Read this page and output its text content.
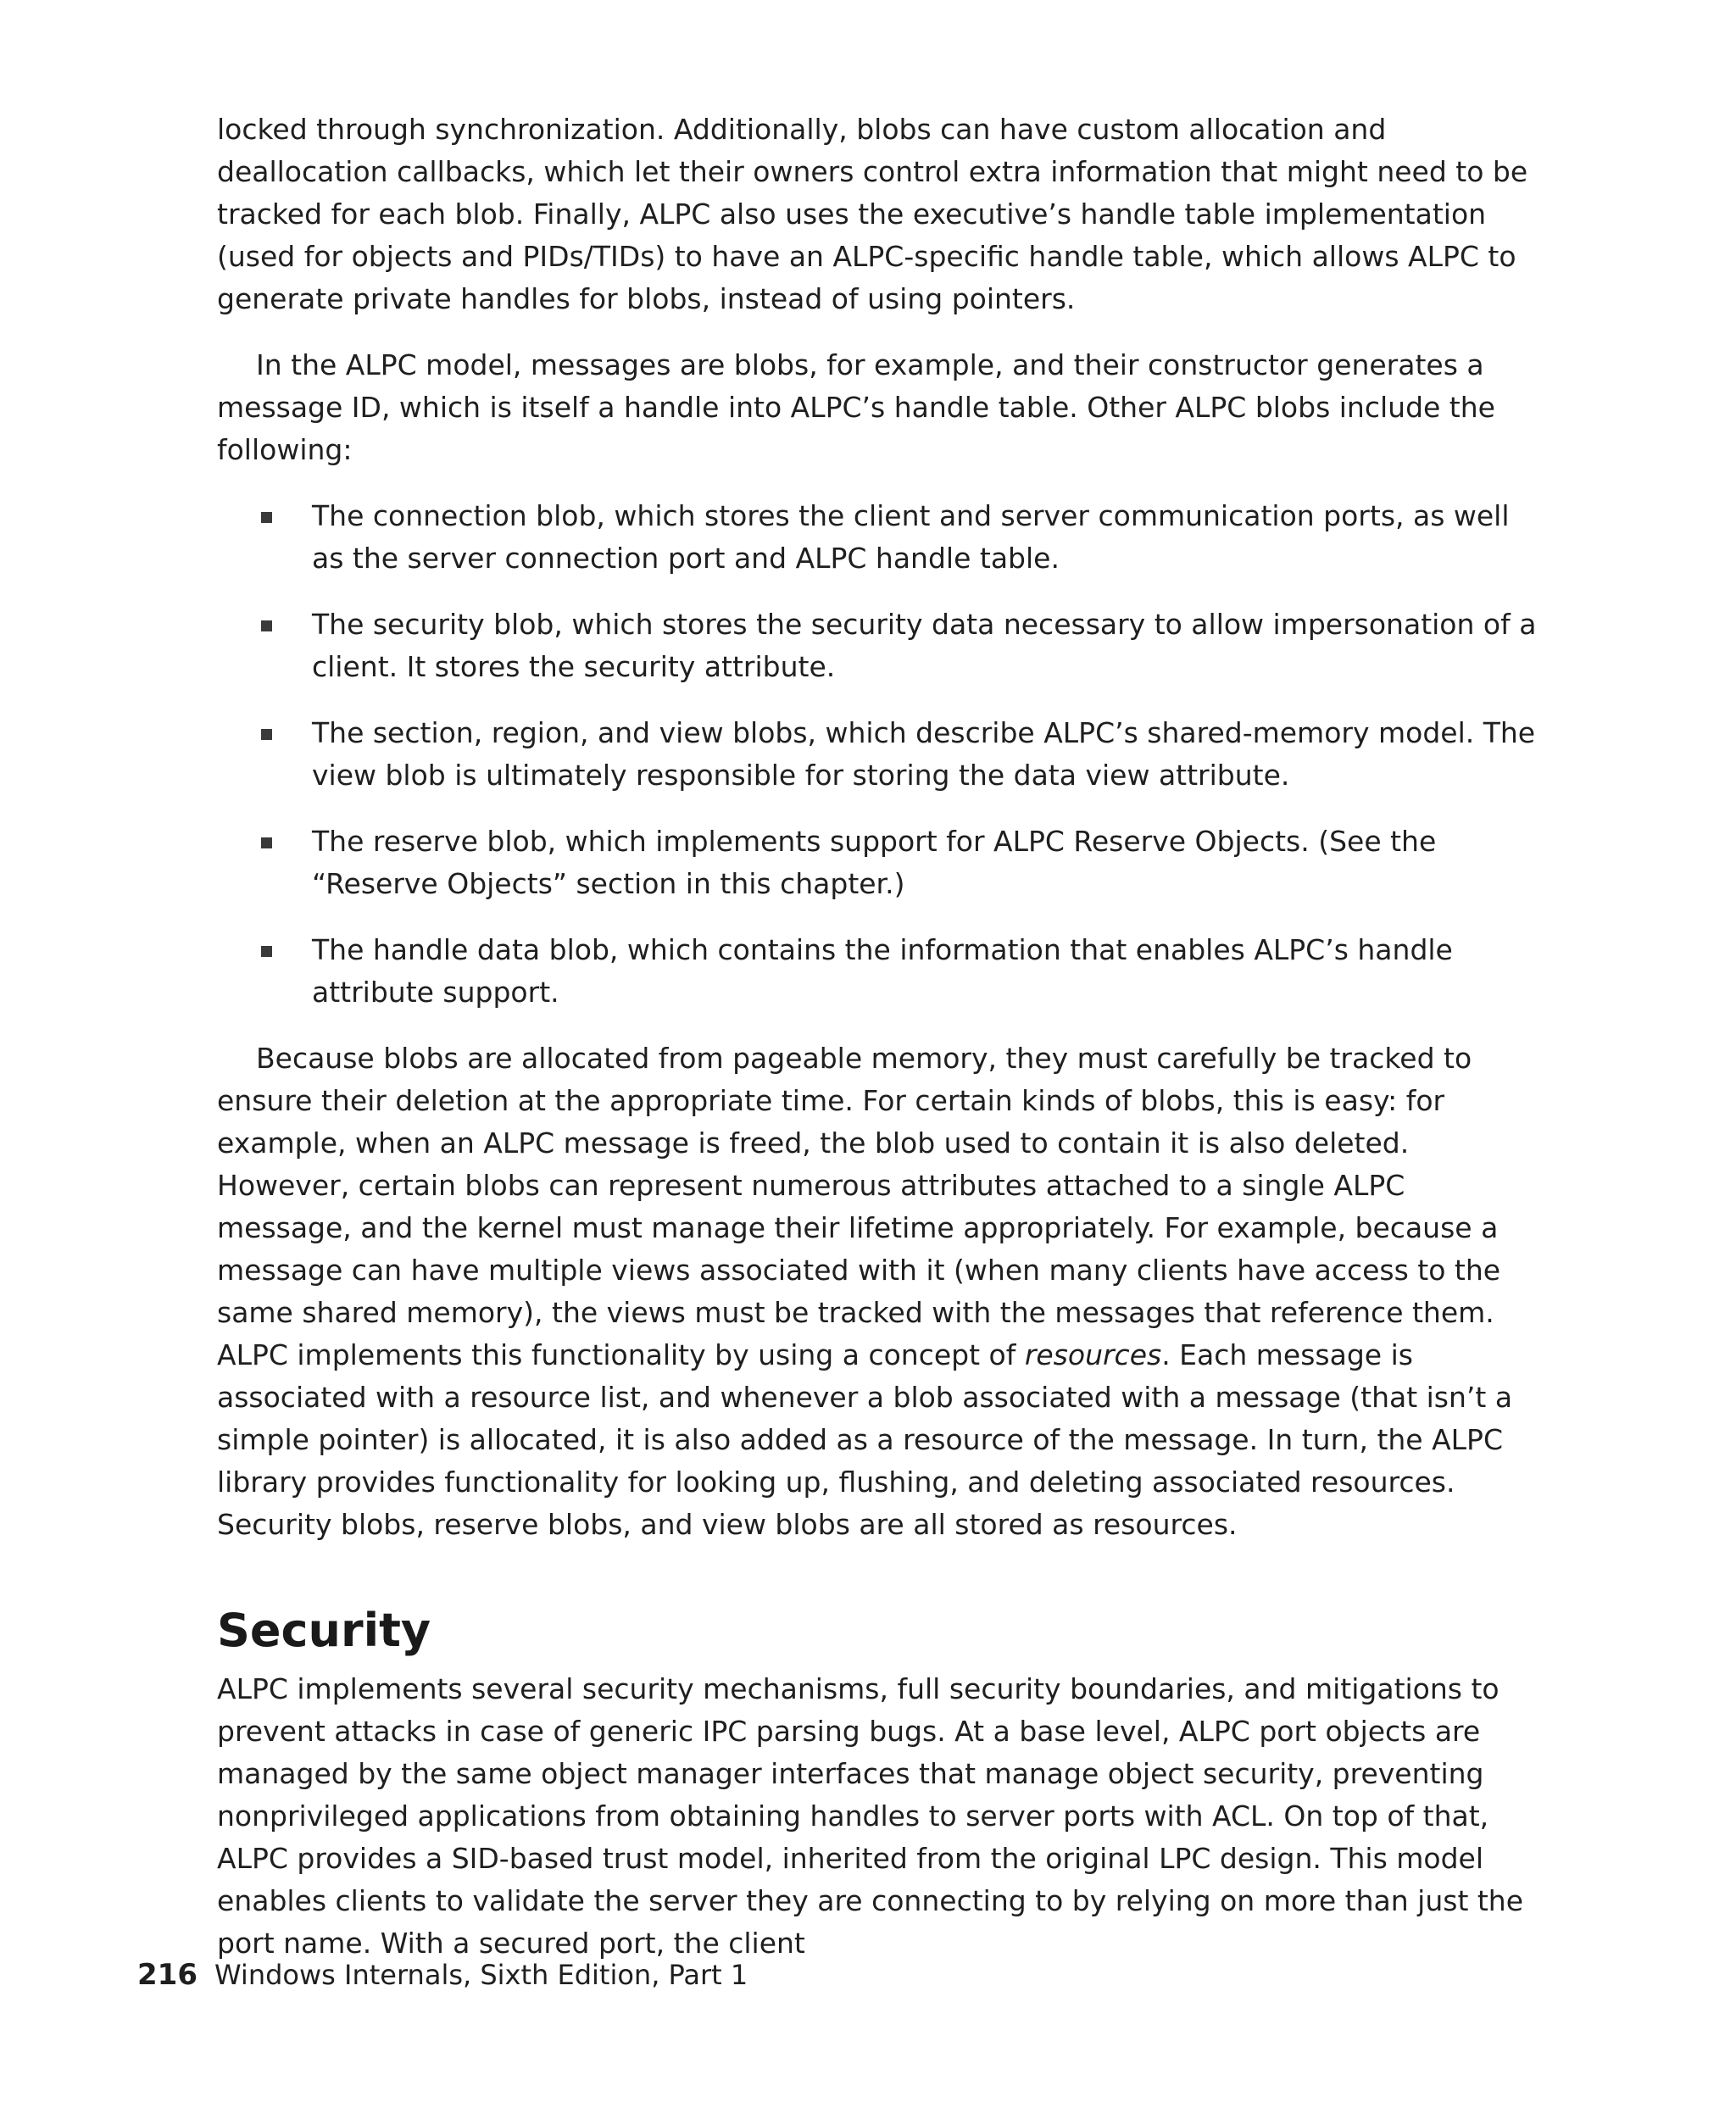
locked through synchronization. Additionally, blobs can have custom allocation and deallocation callbacks, which let their owners control extra information that might need to be tracked for each blob. Finally, ALPC also uses the executive’s handle table implementation (used for objects and PIDs/TIDs) to have an ALPC-specific handle table, which allows ALPC to generate private handles for blobs, instead of using pointers.

In the ALPC model, messages are blobs, for example, and their constructor generates a message ID, which is itself a handle into ALPC’s handle table. Other ALPC blobs include the following:

The connection blob, which stores the client and server communication ports, as well as the server connection port and ALPC handle table.
The security blob, which stores the security data necessary to allow impersonation of a client. It stores the security attribute.
The section, region, and view blobs, which describe ALPC’s shared-memory model. The view blob is ultimately responsible for storing the data view attribute.
The reserve blob, which implements support for ALPC Reserve Objects. (See the “Reserve Objects” section in this chapter.)
The handle data blob, which contains the information that enables ALPC’s handle attribute support.

Because blobs are allocated from pageable memory, they must carefully be tracked to ensure their deletion at the appropriate time. For certain kinds of blobs, this is easy: for example, when an ALPC message is freed, the blob used to contain it is also deleted. However, certain blobs can represent numerous attributes attached to a single ALPC message, and the kernel must manage their lifetime appropriately. For example, because a message can have multiple views associated with it (when many clients have access to the same shared memory), the views must be tracked with the messages that reference them. ALPC implements this functionality by using a concept of resources. Each message is associated with a resource list, and whenever a blob associated with a message (that isn’t a simple pointer) is allocated, it is also added as a resource of the message. In turn, the ALPC library provides functionality for looking up, flushing, and deleting associated resources. Security blobs, reserve blobs, and view blobs are all stored as resources.

Security

ALPC implements several security mechanisms, full security boundaries, and mitigations to prevent attacks in case of generic IPC parsing bugs. At a base level, ALPC port objects are managed by the same object manager interfaces that manage object security, preventing nonprivileged applications from obtaining handles to server ports with ACL. On top of that, ALPC provides a SID-based trust model, inherited from the original LPC design. This model enables clients to validate the server they are connecting to by relying on more than just the port name. With a secured port, the client

216 Windows Internals, Sixth Edition, Part 1
